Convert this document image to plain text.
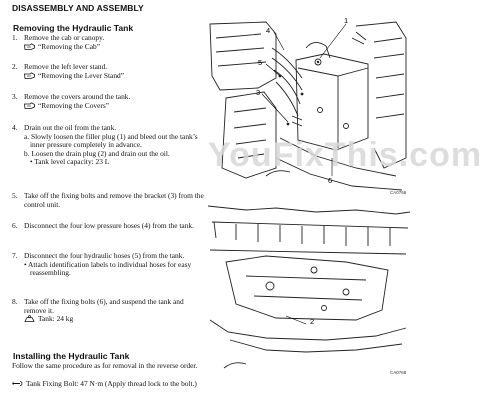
DISASSEMBLY AND ASSEMBLY
Removing the Hydraulic Tank
1. Remove the cab or canopy.
“Removing the Cab”
2. Remove the left lever stand.
“Removing the Lever Stand”
3. Remove the covers around the tank.
“Removing the Covers”
4. Drain out the oil from the tank.
a. Slowly loosen the filler plug (1) and bleed out the tank’s inner pressure completely in advance.
b. Loosen the drain plug (2) and drain out the oil.
• Tank level capacity: 23 L
5. Take off the fixing bolts and remove the bracket (3) from the control unit.
6. Disconnect the four low pressure hoses (4) from the tank.
7. Disconnect the four hydraulic hoses (5) from the tank.
• Attach identification labels to individual hoses for easy reassembling.
8. Take off the fixing bolts (6), and suspend the tank and remove it.
Tank: 24 kg
Installing the Hydraulic Tank
Follow the same procedure as for removal in the reverse order.
Tank Fixing Bolt: 47 N·m (Apply thread lock to the bolt.)
1
4
5
3
6
CA0766
YouFixThis.com
2
CA0768
